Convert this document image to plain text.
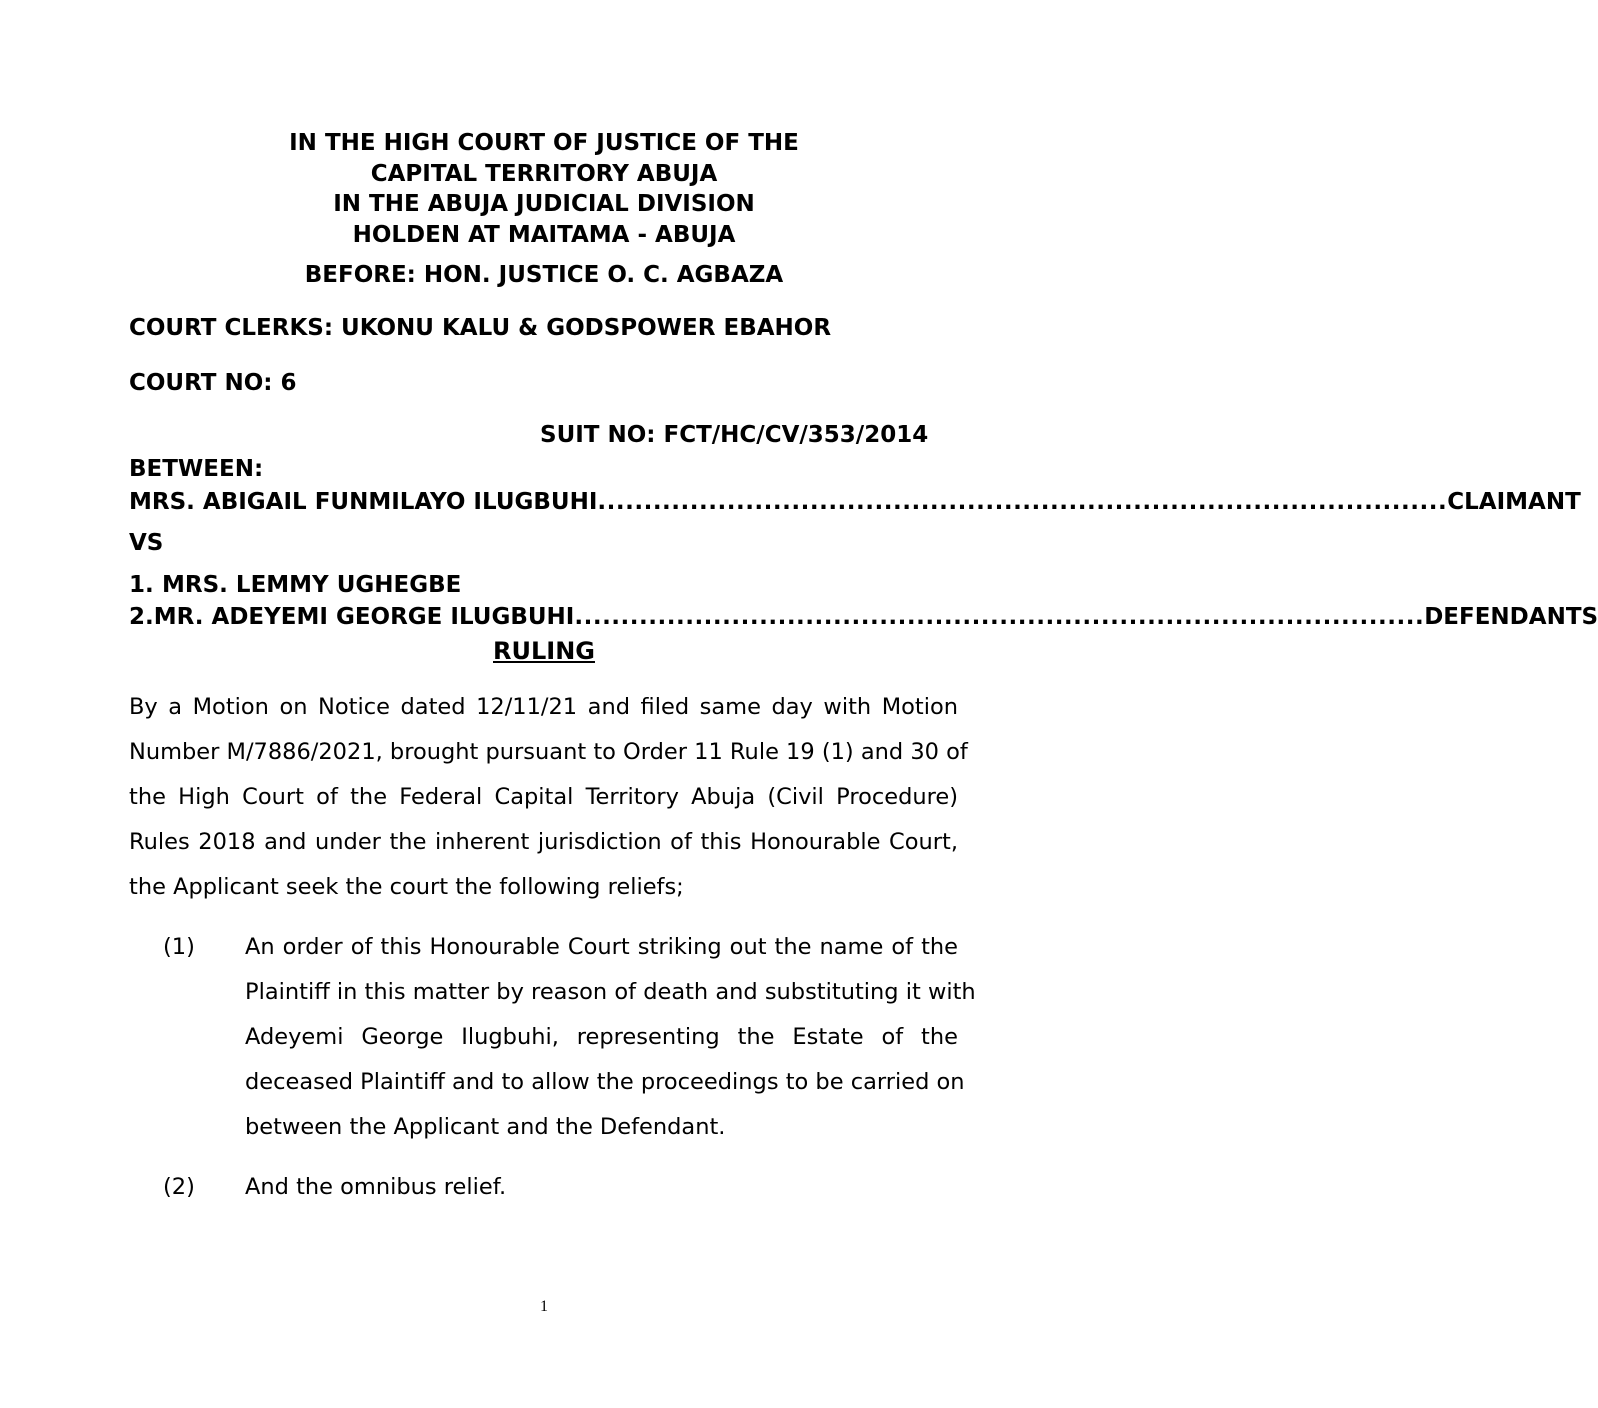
IN THE HIGH COURT OF JUSTICE OF THE
CAPITAL TERRITORY ABUJA
IN THE ABUJA JUDICIAL DIVISION
HOLDEN AT MAITAMA - ABUJA
BEFORE: HON. JUSTICE O. C. AGBAZA
COURT CLERKS: UKONU KALU & GODSPOWER EBAHOR
COURT NO: 6
SUIT NO: FCT/HC/CV/353/2014
BETWEEN:
MRS. ABIGAIL FUNMILAYO ILUGBUHI ............................................................................................ CLAIMANT
VS
1. MRS. LEMMY UGHEGBE
2. MR. ADEYEMI GEORGE ILUGBUHI ............................................................................................ DEFENDANTS
RULING
By a Motion on Notice dated 12/11/21 and filed same day with Motion
Number M/7886/2021, brought pursuant to Order 11 Rule 19 (1) and 30 of
the High Court of the Federal Capital Territory Abuja (Civil Procedure)
Rules 2018 and under the inherent jurisdiction of this Honourable Court,
the Applicant seek the court the following reliefs;
(1)	An order of this Honourable Court striking out the name of the
Plaintiff in this matter by reason of death and substituting it with
Adeyemi George Ilugbuhi, representing the Estate of the
deceased Plaintiff and to allow the proceedings to be carried on
between the Applicant and the Defendant.
(2)	And the omnibus relief.
1
